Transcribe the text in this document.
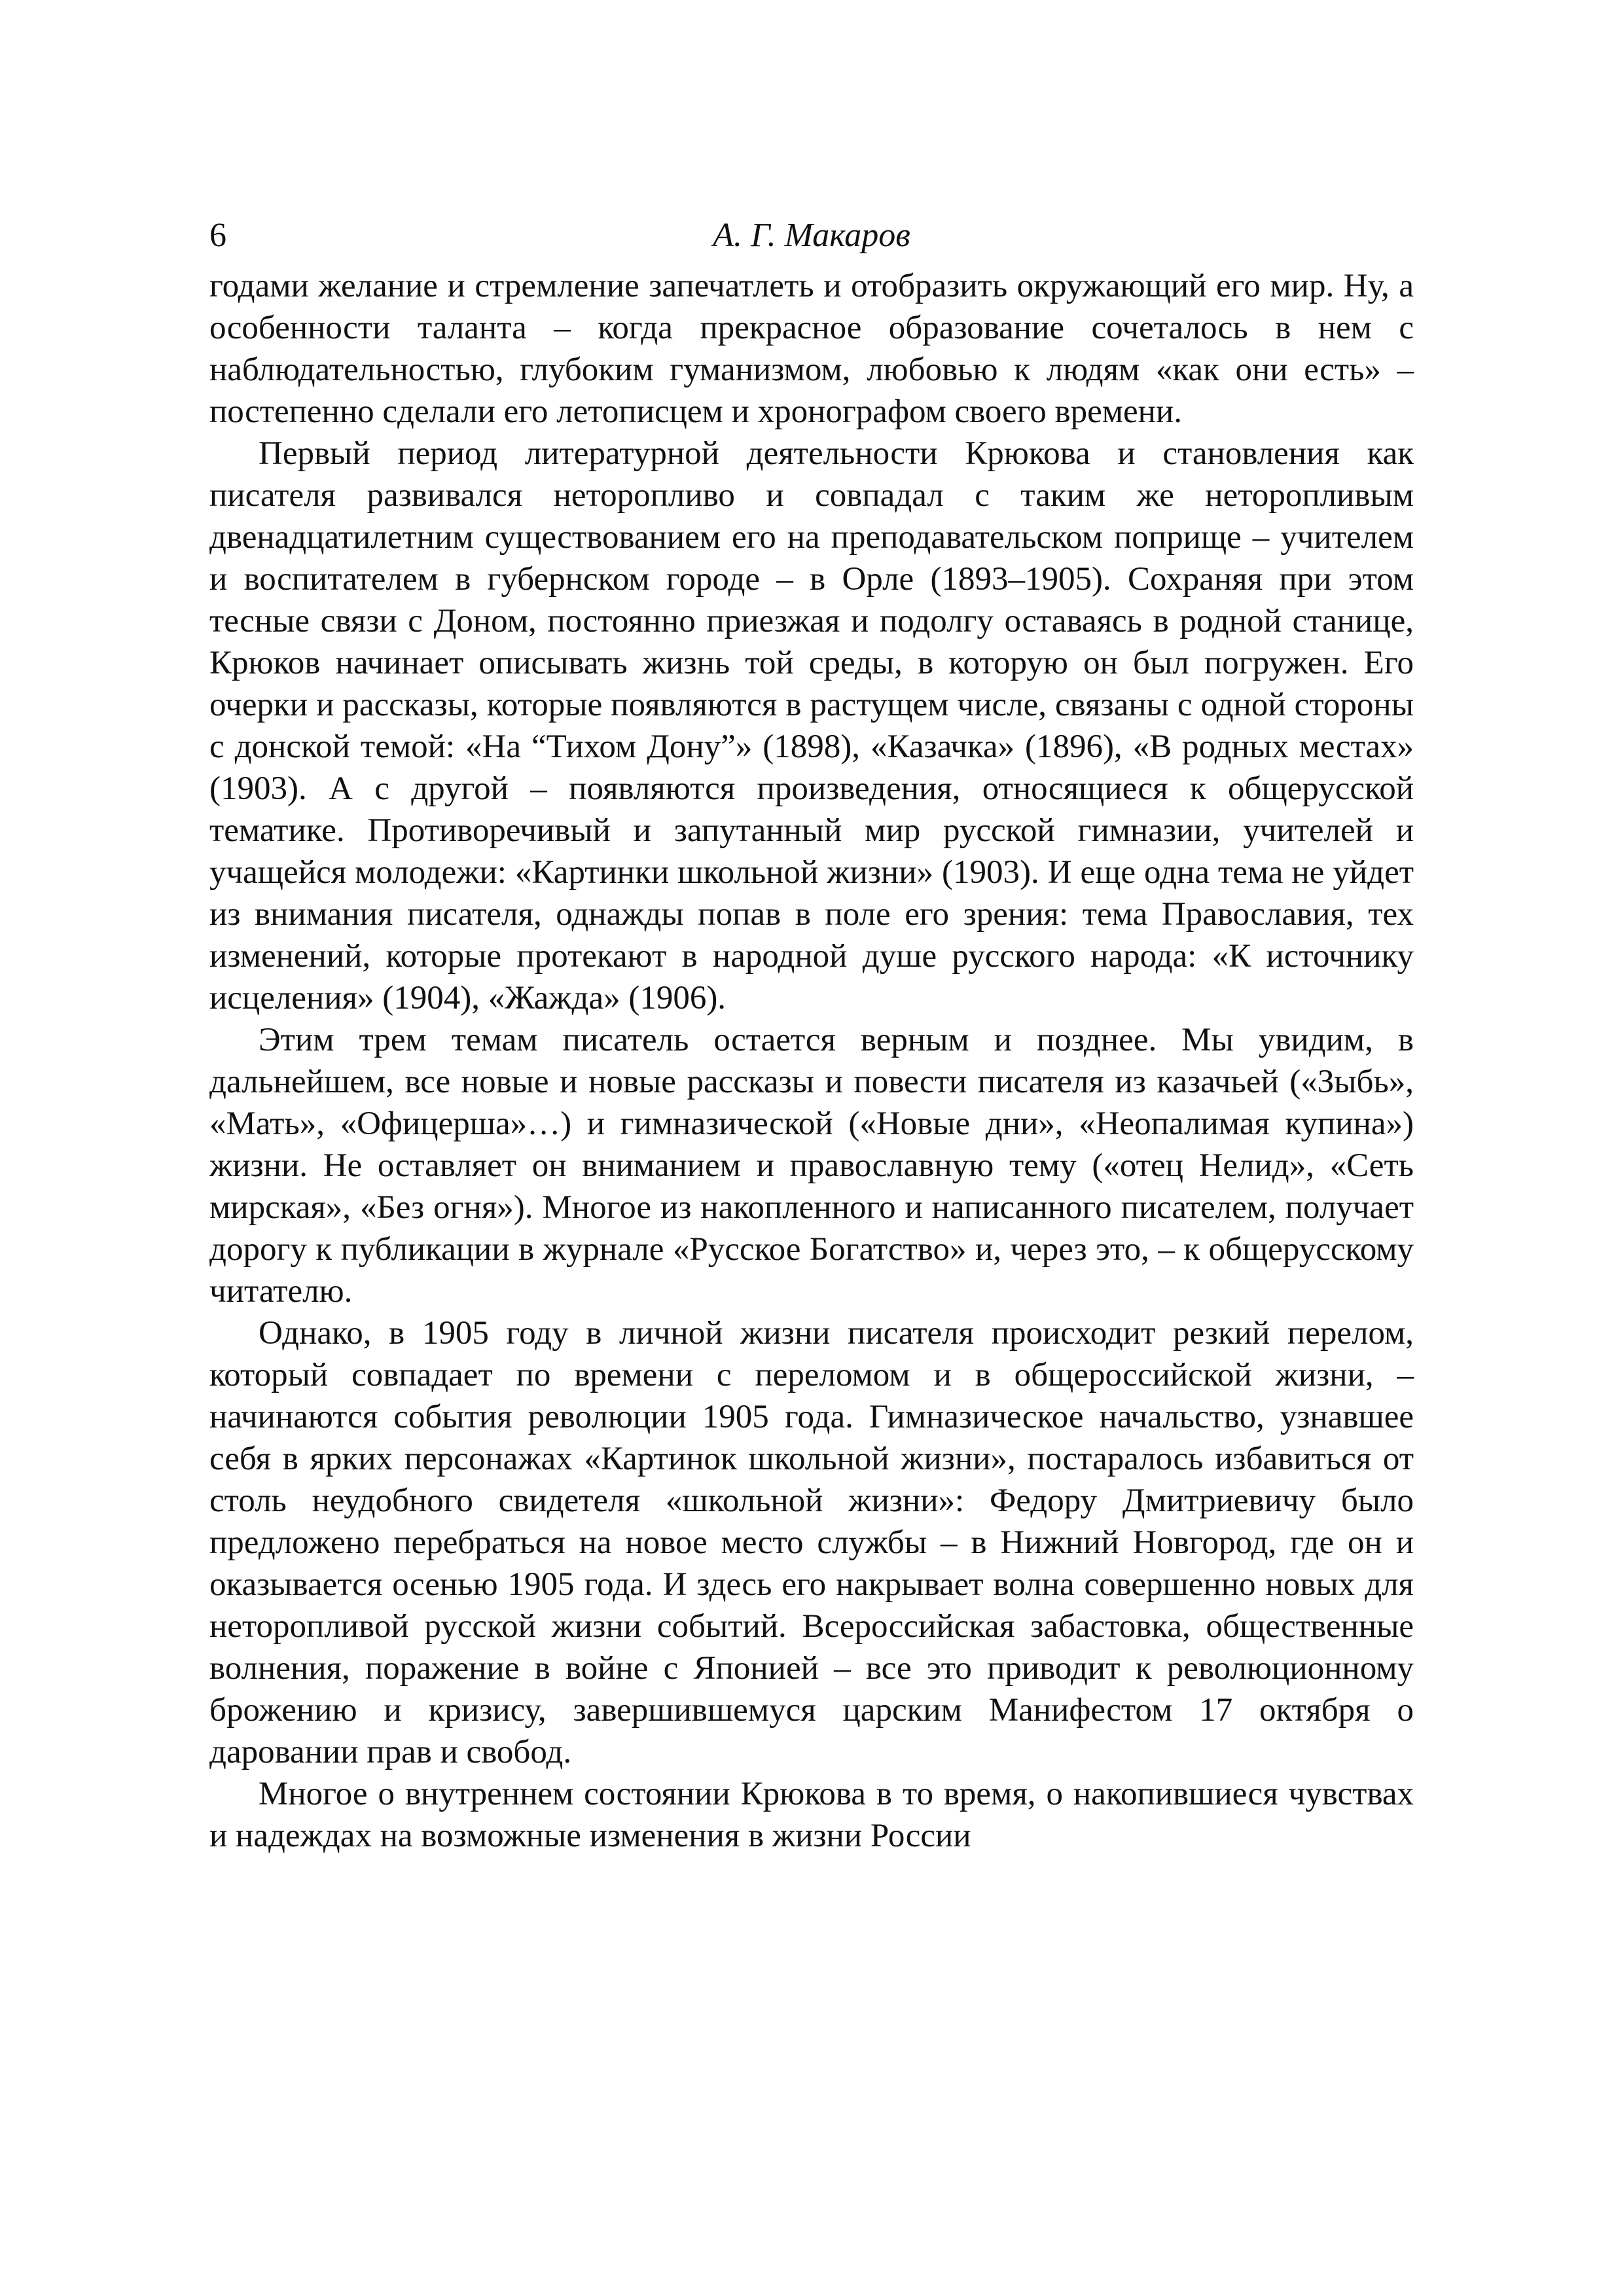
6	А. Г. Макаров

годами желание и стремление запечатлеть и отобразить окружающий его мир. Ну, а особенности таланта – когда прекрасное образование сочеталось в нем с наблюдательностью, глубоким гуманизмом, любовью к людям «как они есть» – постепенно сделали его летописцем и хронографом своего времени.

Первый период литературной деятельности Крюкова и становления как писателя развивался неторопливо и совпадал с таким же неторопливым двенадцатилетним существованием его на преподавательском поприще – учителем и воспитателем в губернском городе – в Орле (1893–1905). Сохраняя при этом тесные связи с Доном, постоянно приезжая и подолгу оставаясь в родной станице, Крюков начинает описывать жизнь той среды, в которую он был погружен. Его очерки и рассказы, которые появляются в растущем числе, связаны с одной стороны с донской темой: «На “Тихом Дону”» (1898), «Казачка» (1896), «В родных местах» (1903). А с другой – появляются произведения, относящиеся к общерусской тематике. Противоречивый и запутанный мир русской гимназии, учителей и учащейся молодежи: «Картинки школьной жизни» (1903). И еще одна тема не уйдет из внимания писателя, однажды попав в поле его зрения: тема Православия, тех изменений, которые протекают в народной душе русского народа: «К источнику исцеления» (1904), «Жажда» (1906).

Этим трем темам писатель остается верным и позднее. Мы увидим, в дальнейшем, все новые и новые рассказы и повести писателя из казачьей («Зыбь», «Мать», «Офицерша»…) и гимназической («Новые дни», «Неопалимая купина») жизни. Не оставляет он вниманием и православную тему («отец Нелид», «Сеть мирская», «Без огня»). Многое из накопленного и написанного писателем, получает дорогу к публикации в журнале «Русское Богатство» и, через это, – к общерусскому читателю.

Однако, в 1905 году в личной жизни писателя происходит резкий перелом, который совпадает по времени с переломом и в общероссийской жизни, – начинаются события революции 1905 года. Гимназическое начальство, узнавшее себя в ярких персонажах «Картинок школьной жизни», постаралось избавиться от столь неудобного свидетеля «школьной жизни»: Федору Дмитриевичу было предложено перебраться на новое место службы – в Нижний Новгород, где он и оказывается осенью 1905 года. И здесь его накрывает волна совершенно новых для неторопливой русской жизни событий. Всероссийская забастовка, общественные волнения, поражение в войне с Японией – все это приводит к революционному брожению и кризису, завершившемуся царским Манифестом 17 октября о даровании прав и свобод.

Многое о внутреннем состоянии Крюкова в то время, о накопившиеся чувствах и надеждах на возможные изменения в жизни России
